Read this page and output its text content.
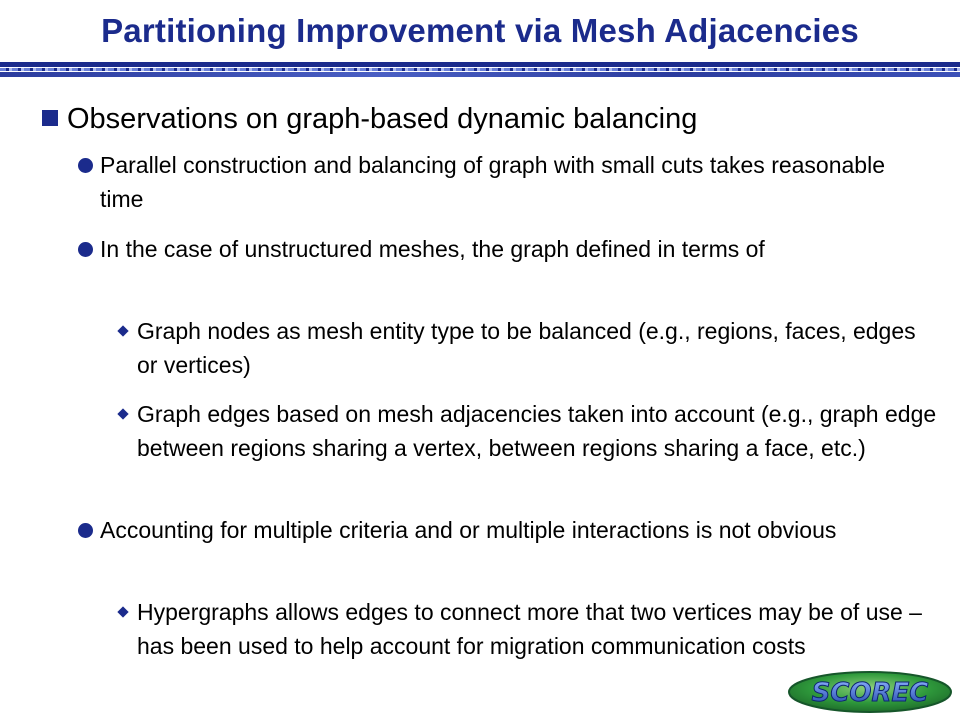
Partitioning Improvement via Mesh Adjacencies
Observations on graph-based dynamic balancing
Parallel construction and balancing of graph with small cuts takes reasonable time
In the case of unstructured meshes, the graph defined in terms of
Graph nodes as mesh entity type to be balanced (e.g., regions, faces, edges or vertices)
Graph edges based on mesh adjacencies taken into account (e.g., graph edge between regions sharing a vertex, between regions sharing a face, etc.)
Accounting for multiple criteria and or multiple interactions is not obvious
Hypergraphs allows edges to connect more that two vertices may be of use – has been used to help account for migration communication costs
SCOREC
